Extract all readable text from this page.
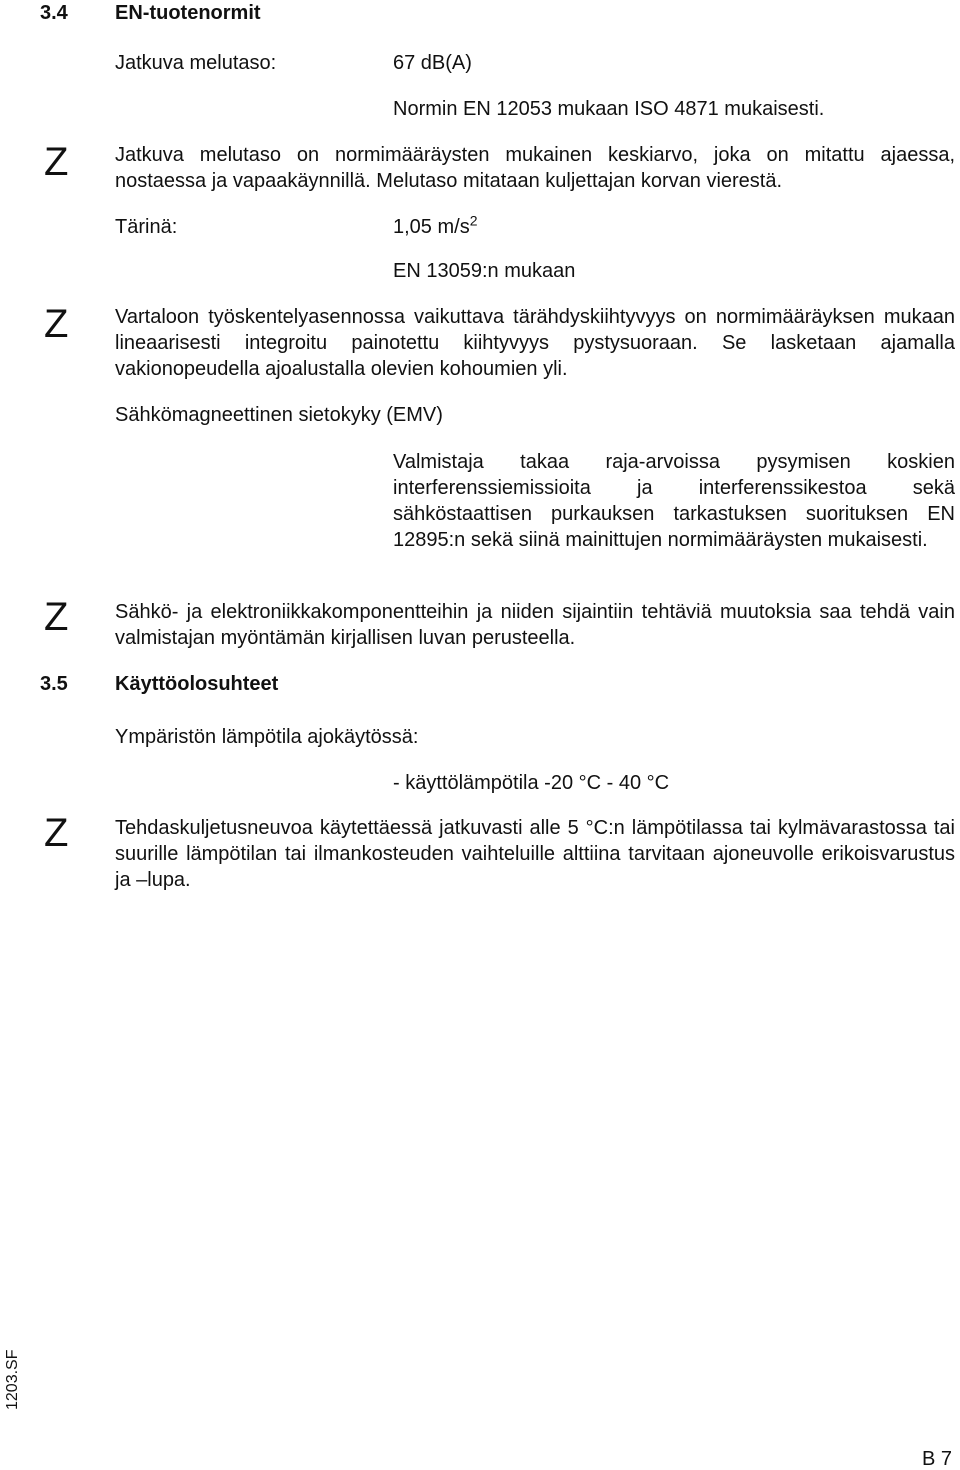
3.4 EN-tuotenormit
Jatkuva melutaso:	67 dB(A)
Normin EN 12053 mukaan ISO 4871 mukaisesti.
Z Jatkuva melutaso on normimääräysten mukainen keskiarvo, joka on mitattu ajaessa, nostaessa ja vapaakäynnillä. Melutaso mitataan kuljettajan korvan vierestä.
Tärinä:	1,05 $m/s^2$
EN 13059:n mukaan
Z Vartaloon työskentelyasennossa vaikuttava tärähdyskiihtyvyys on normimääräyksen mukaan lineaarisesti integroitu painotettu kiihtyvyys pystysuoraan. Se lasketaan ajamalla vakionopeudella ajoalustalla olevien kohoumien yli.
Sähkömagneettinen sietokyky (EMV)
Valmistaja takaa raja-arvoissa pysymisen koskien interferenssiemissioita ja interferenssikestoa sekä sähköstaattisen purkauksen tarkastuksen suorituksen EN 12895:n sekä siinä mainittujen normimääräysten mukaisesti.
Z Sähkö- ja elektroniikkakomponentteihin ja niiden sijaintiin tehtäviä muutoksia saa tehdä vain valmistajan myöntämän kirjallisen luvan perusteella.
3.5 Käyttöolosuhteet
Ympäristön lämpötila ajokäytössä:
- käyttölämpötila -20 °C - 40 °C
Z Tehdaskuljetusneuvoa käytettäessä jatkuvasti alle 5 °C:n lämpötilassa tai kylmävarastossa tai suurille lämpötilan tai ilmankosteuden vaihteluille alttiina tarvitaan ajoneuvolle erikoisvarustus ja –lupa.
1203.SF
B 7
